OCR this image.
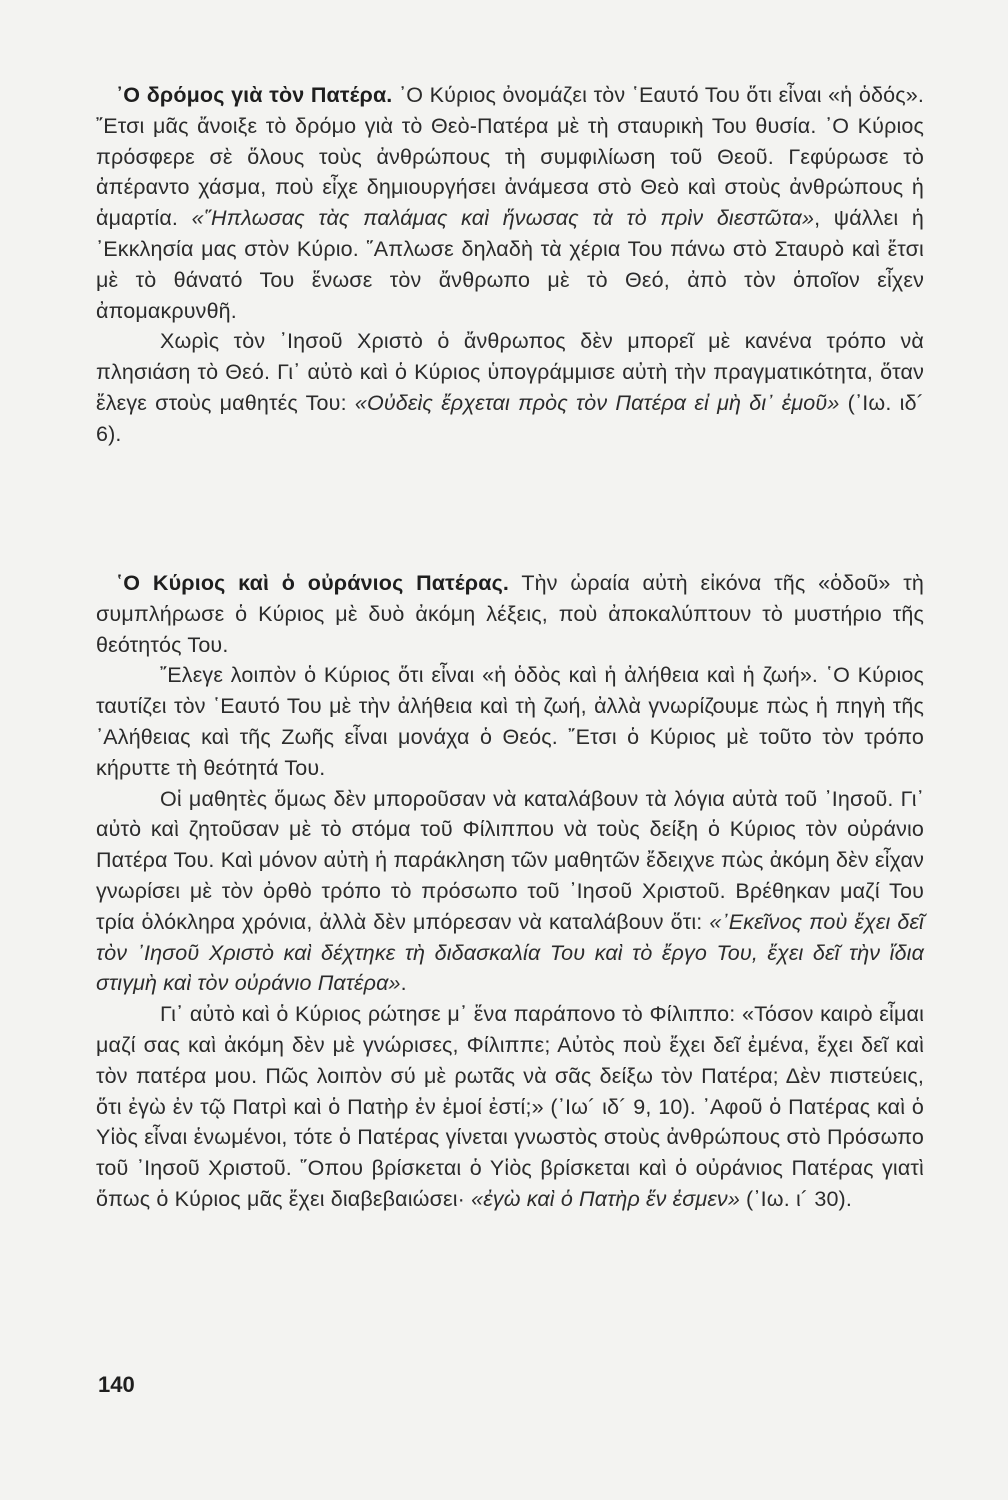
᾿Ο δρόμος γιὰ τὸν Πατέρα. ᾿Ο Κύριος ὀνομάζει τὸν ῾Εαυτό Του ὅτι εἶναι «ἡ ὁδός». ῎Ετσι μᾶς ἄνοιξε τὸ δρόμο γιὰ τὸ Θεὸ-Πατέρα μὲ τὴ σταυρικὴ Του θυσία. ᾿Ο Κύριος πρόσφερε σὲ ὅλους τοὺς ἀνθρώπους τὴ συμφιλίωση τοῦ Θεοῦ. Γεφύρωσε τὸ ἀπέραντο χάσμα, ποὺ εἶχε δημιουργήσει ἀνάμεσα στὸ Θεὸ καὶ στοὺς ἀνθρώπους ἡ ἁμαρτία. «῞Ηπλωσας τὰς παλάμας καὶ ἥνωσας τὰ τὸ πρὶν διεστῶτα», ψάλλει ἡ ᾿Εκκλησία μας στὸν Κύριο. ῞Απλωσε δηλαδὴ τὰ χέρια Του πάνω στὸ Σταυρὸ καὶ ἔτσι μὲ τὸ θάνατό Του ἕνωσε τὸν ἄνθρωπο μὲ τὸ Θεό, ἀπὸ τὸν ὁποῖον εἶχεν ἀπομακρυνθῆ.

Χωρὶς τὸν ᾿Ιησοῦ Χριστὸ ὁ ἄνθρωπος δὲν μπορεῖ μὲ κανένα τρόπο νὰ πλησιάση τὸ Θεό. Γι᾿ αὐτὸ καὶ ὁ Κύριος ὑπογράμμισε αὐτὴ τὴν πραγματικότητα, ὅταν ἔλεγε στοὺς μαθητές Του: «Οὐδεὶς ἔρχεται πρὸς τὸν Πατέρα εἰ μὴ δι᾿ ἐμοῦ» (᾿Ιω. ιδ´ 6).

῾Ο Κύριος καὶ ὁ οὐράνιος Πατέρας. Τὴν ὡραία αὐτὴ εἰκόνα τῆς «ὁδοῦ» τὴ συμπλήρωσε ὁ Κύριος μὲ δυὸ ἀκόμη λέξεις, ποὺ ἀποκαλύπτουν τὸ μυστήριο τῆς θεότητός Του.

῎Ελεγε λοιπὸν ὁ Κύριος ὅτι εἶναι «ἡ ὁδὸς καὶ ἡ ἀλήθεια καὶ ἡ ζωή». ῾Ο Κύριος ταυτίζει τὸν ῾Εαυτό Του μὲ τὴν ἀλήθεια καὶ τὴ ζωή, ἀλλὰ γνωρίζουμε πὼς ἡ πηγὴ τῆς ᾿Αλήθειας καὶ τῆς Ζωῆς εἶναι μονάχα ὁ Θεός. ῎Ετσι ὁ Κύριος μὲ τοῦτο τὸν τρόπο κήρυττε τὴ θεότητά Του.

Οἱ μαθητὲς ὅμως δὲν μποροῦσαν νὰ καταλάβουν τὰ λόγια αὐτὰ τοῦ ᾿Ιησοῦ. Γι᾿ αὐτὸ καὶ ζητοῦσαν μὲ τὸ στόμα τοῦ Φίλιππου νὰ τοὺς δείξη ὁ Κύριος τὸν οὐράνιο Πατέρα Του. Καὶ μόνον αὐτὴ ἡ παράκληση τῶν μαθητῶν ἔδειχνε πὼς ἀκόμη δὲν εἶχαν γνωρίσει μὲ τὸν ὀρθὸ τρόπο τὸ πρόσωπο τοῦ ᾿Ιησοῦ Χριστοῦ. Βρέθηκαν μαζί Του τρία ὁλόκληρα χρόνια, ἀλλὰ δὲν μπόρεσαν νὰ καταλάβουν ὅτι: «᾿Εκεῖνος ποὺ ἔχει δεῖ τὸν ᾿Ιησοῦ Χριστὸ καὶ δέχτηκε τὴ διδασκαλία Του καὶ τὸ ἔργο Του, ἔχει δεῖ τὴν ἴδια στιγμὴ καὶ τὸν οὐράνιο Πατέρα».

Γι᾿ αὐτὸ καὶ ὁ Κύριος ρώτησε μ᾿ ἕνα παράπονο τὸ Φίλιππο: «Τόσον καιρὸ εἶμαι μαζί σας καὶ ἀκόμη δὲν μὲ γνώρισες, Φίλιππε; Αὐτὸς ποὺ ἔχει δεῖ ἐμένα, ἔχει δεῖ καὶ τὸν πατέρα μου. Πῶς λοιπὸν σύ μὲ ρωτᾶς νὰ σᾶς δείξω τὸν Πατέρα; Δὲν πιστεύεις, ὅτι ἐγὼ ἐν τῷ Πατρὶ καὶ ὁ Πατὴρ ἐν ἐμοί ἐστί;» (᾿Ιω´ ιδ´ 9, 10). ᾿Αφοῦ ὁ Πατέρας καὶ ὁ Υἱὸς εἶναι ἑνωμένοι, τότε ὁ Πατέρας γίνεται γνωστὸς στοὺς ἀνθρώπους στὸ Πρόσωπο τοῦ ᾿Ιησοῦ Χριστοῦ. ῞Οπου βρίσκεται ὁ Υἱὸς βρίσκεται καὶ ὁ οὐράνιος Πατέρας γιατὶ ὅπως ὁ Κύριος μᾶς ἔχει διαβεβαιώσει· «ἐγὼ καὶ ὁ Πατὴρ ἕν ἐσμεν» (᾿Ιω. ι´ 30).

140
